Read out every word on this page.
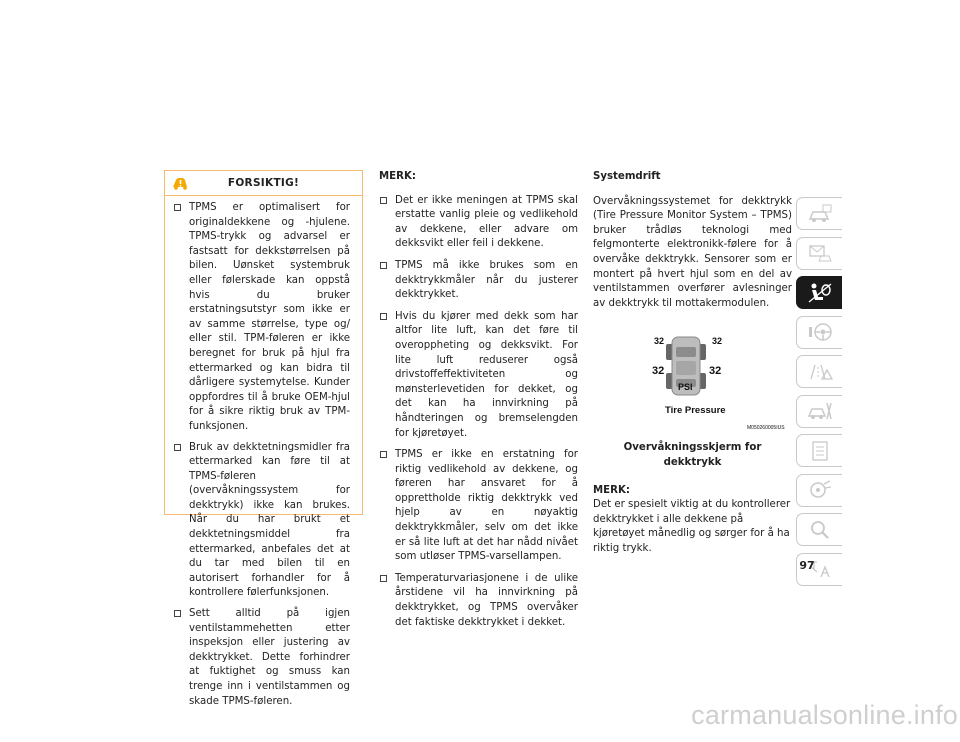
FORSIKTIG!
TPMS er optimalisert for originaldekkene og -hjulene. TPMS-trykk og advarsel er fastsatt for dekkstørrelsen på bilen. Uønsket systembruk eller følerskade kan oppstå hvis du bruker erstatningsutstyr som ikke er av samme størrelse, type og/ eller stil. TPM-føleren er ikke beregnet for bruk på hjul fra ettermarked og kan bidra til dårligere systemytelse. Kunder oppfordres til å bruke OEM-hjul for å sikre riktig bruk av TPM-funksjonen.
Bruk av dekktetningsmidler fra ettermarked kan føre til at TPMS-føleren (overvåkningssystem for dekktrykk) ikke kan brukes. Når du har brukt et dekktetningsmiddel fra ettermarked, anbefales det at du tar med bilen til en autorisert forhandler for å kontrollere følerfunksjonen.
Sett alltid på igjen ventilstammehetten etter inspeksjon eller justering av dekktrykket. Dette forhindrer at fuktighet og smuss kan trenge inn i ventilstammen og skade TPMS-føleren.

MERK:

Det er ikke meningen at TPMS skal erstatte vanlig pleie og vedlikehold av dekkene, eller advare om dekksvikt eller feil i dekkene.
TPMS må ikke brukes som en dekktrykkmåler når du justerer dekktrykket.
Hvis du kjører med dekk som har altfor lite luft, kan det føre til overoppheting og dekksvikt. For lite luft reduserer også drivstoffeffektiviteten og mønsterlevetiden for dekket, og det kan ha innvirkning på håndteringen og bremselengden for kjøretøyet.
TPMS er ikke en erstatning for riktig vedlikehold av dekkene, og føreren har ansvaret for å opprettholde riktig dekktrykk ved hjelp av en nøyaktig dekktrykkmåler, selv om det ikke er så lite luft at det har nådd nivået som utløser TPMS-varsellampen.
Temperaturvariasjonene i de ulike årstidene vil ha innvirkning på dekktrykket, og TPMS overvåker det faktiske dekktrykket i dekket.

Systemdrift

Overvåkningssystemet for dekktrykk (Tire Pressure Monitor System – TPMS) bruker trådløs teknologi med felgmonterte elektronikk-følere for å overvåke dekktrykk. Sensorer som er montert på hvert hjul som en del av ventilstammen overfører avlesninger av dekktrykk til mottakermodulen.

32	32
32	32
PSI
Tire Pressure
M050260005IUS

Overvåkningsskjerm for dekktrykk

MERK:

Det er spesielt viktig at du kontrollerer dekktrykket i alle dekkene på kjøretøyet månedlig og sørger for å ha riktig trykk.

97
carmanualsonline.info
